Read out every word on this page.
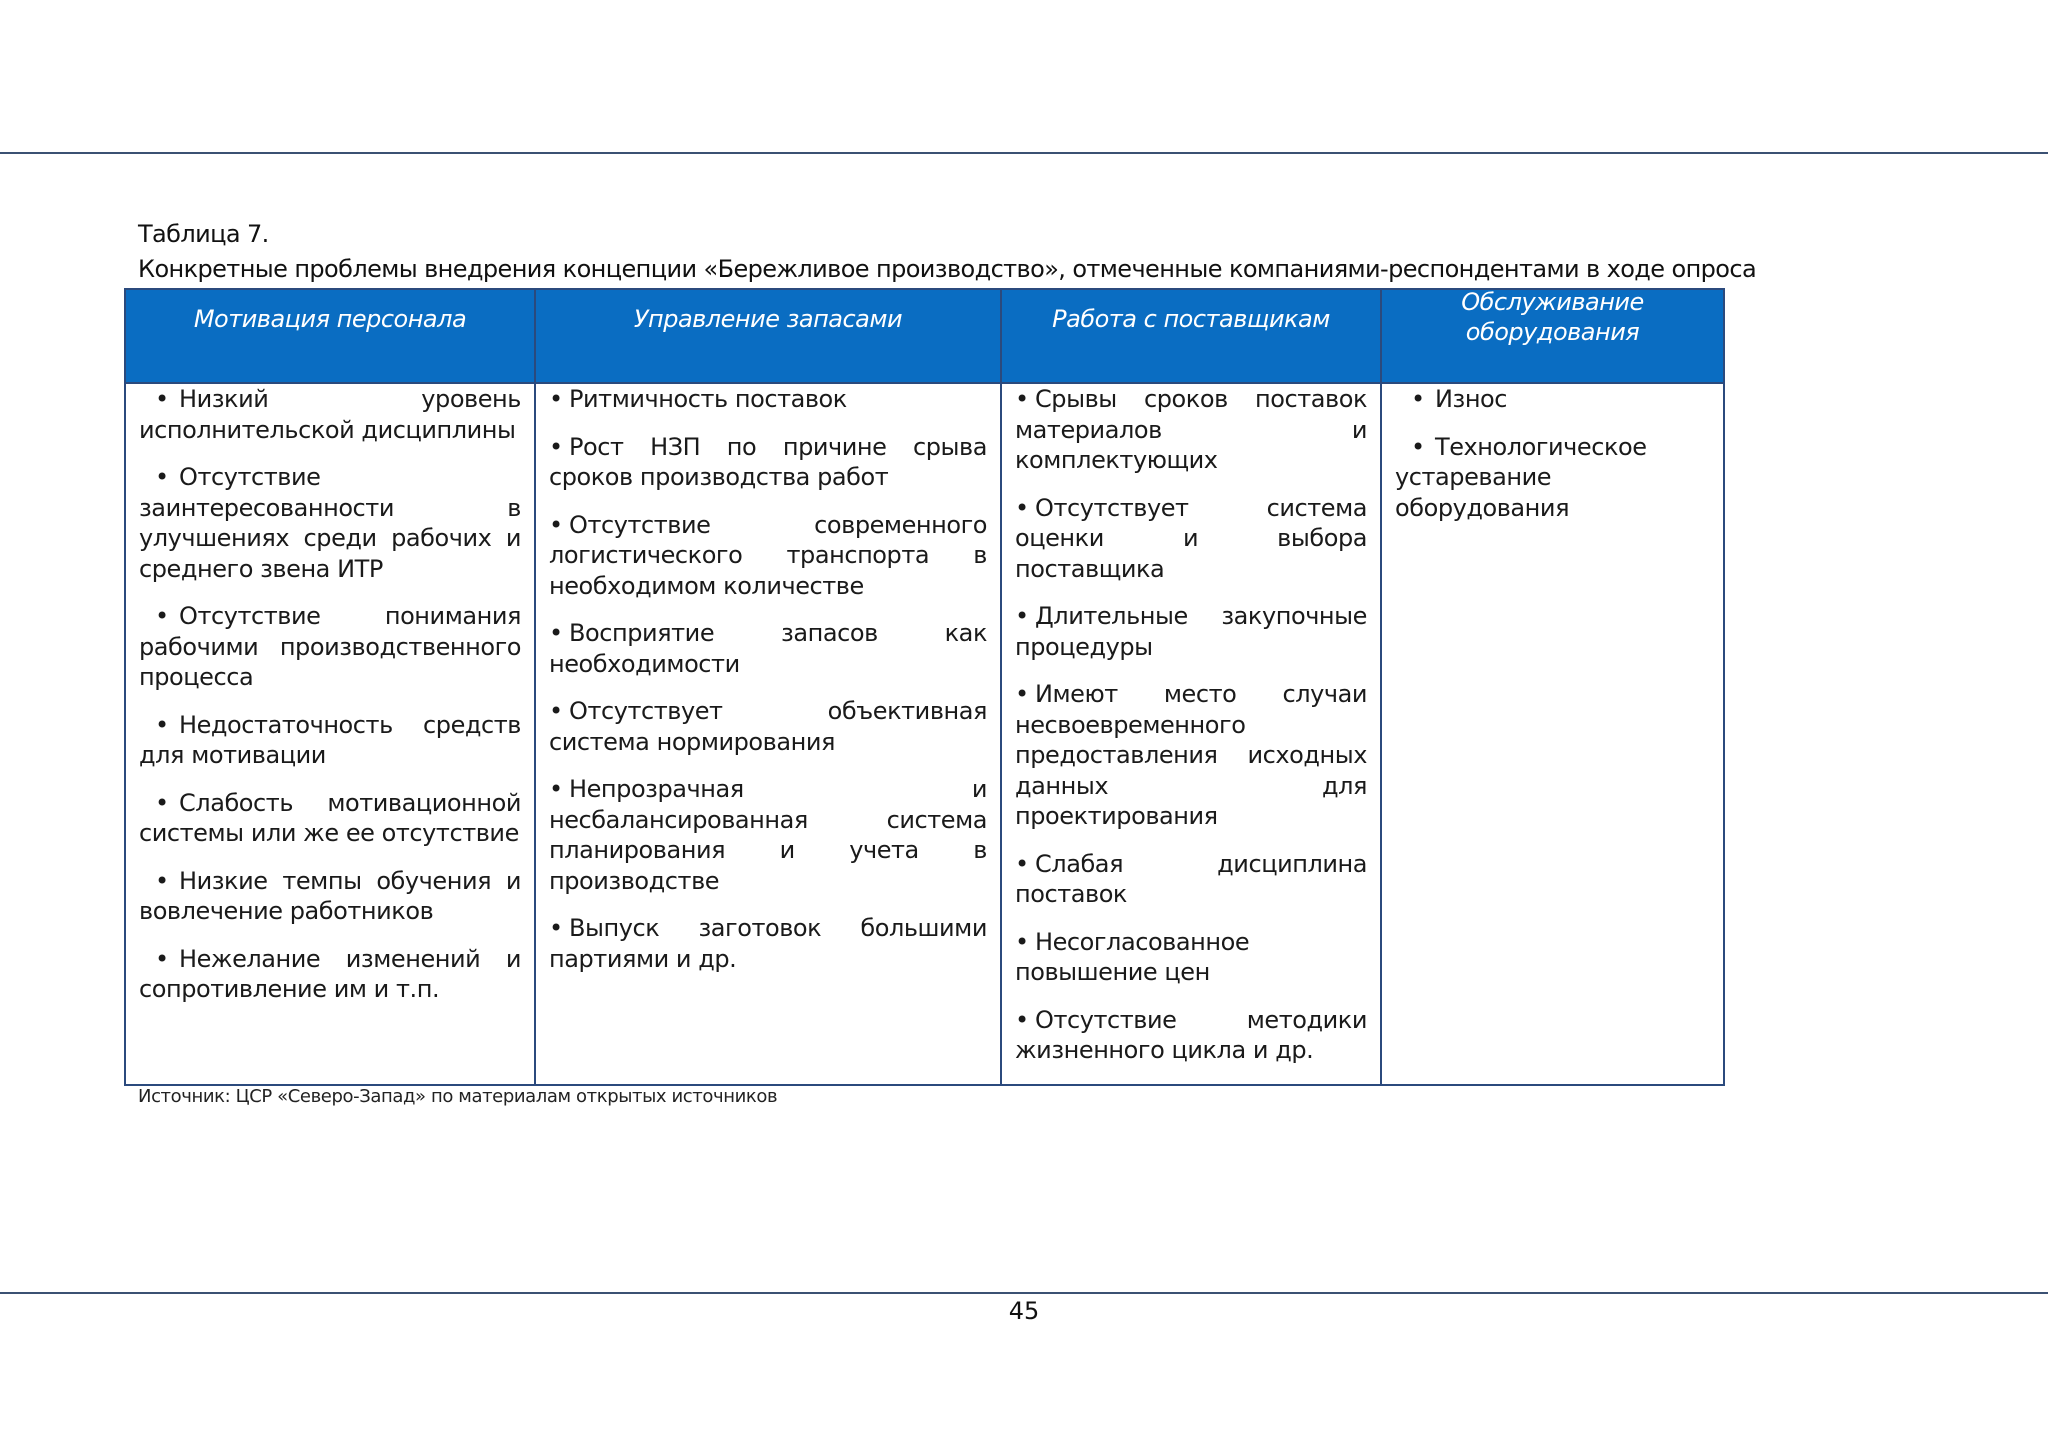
Таблица 7.
Конкретные проблемы внедрения концепции «Бережливое производство», отмеченные компаниями-респондентами в ходе опроса
Мотивация персонала	Управление запасами	Работа с поставщикам
Обслуживание оборудования
• Низкий уровень исполнительской дисциплины
• Отсутствие заинтересованности в улучшениях среди рабочих и среднего звена ИТР
• Отсутствие понимания рабочими производственного процесса
• Недостаточность средств для мотивации
• Слабость мотивационной системы или же ее отсутствие
• Низкие темпы обучения и вовлечение работников
• Нежелание изменений и сопротивление им и т.п.
• Ритмичность поставок
• Рост НЗП по причине срыва сроков производства работ
• Отсутствие современного логистического транспорта в необходимом количестве
• Восприятие запасов как необходимости
• Отсутствует объективная система нормирования
• Непрозрачная и несбалансированная система планирования и учета в производстве
• Выпуск заготовок большими партиями и др.
• Срывы сроков поставок материалов и комплектующих
• Отсутствует система оценки и выбора поставщика
• Длительные закупочные процедуры
• Имеют место случаи несвоевременного предоставления исходных данных для проектирования
• Слабая дисциплина поставок
• Несогласованное повышение цен
• Отсутствие методики жизненного цикла и др.
• Износ
• Технологическое устаревание оборудования
Источник: ЦСР «Северо-Запад» по материалам открытых источников
45
